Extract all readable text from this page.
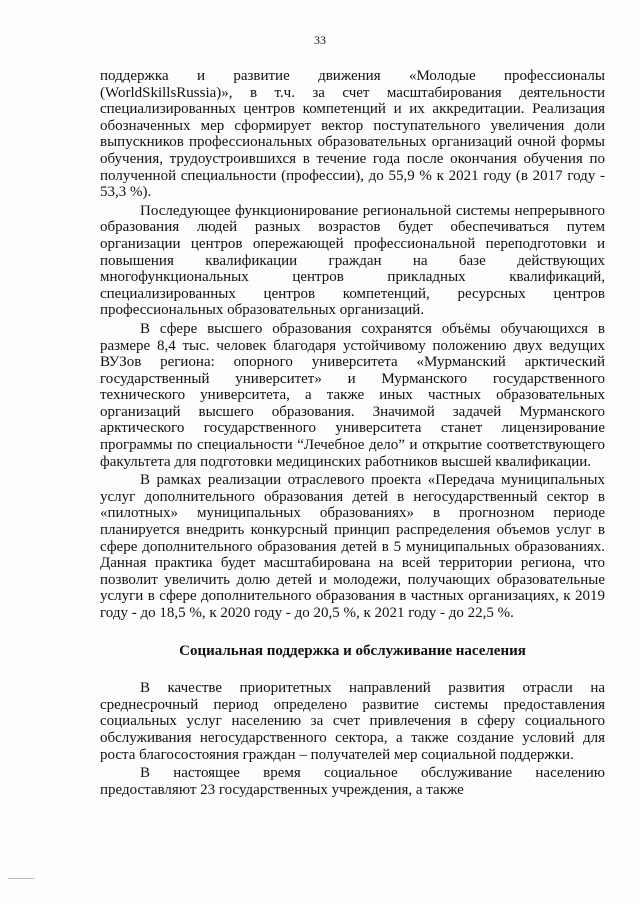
33

поддержка и развитие движения «Молодые профессионалы (WorldSkillsRussia)», в т.ч. за счет масштабирования деятельности специализированных центров компетенций и их аккредитации. Реализация обозначенных мер сформирует вектор поступательного увеличения доли выпускников профессиональных образовательных организаций очной формы обучения, трудоустроившихся в течение года после окончания обучения по полученной специальности (профессии), до 55,9 % к 2021 году (в 2017 году - 53,3 %).

Последующее функционирование региональной системы непрерывного образования людей разных возрастов будет обеспечиваться путем организации центров опережающей профессиональной переподготовки и повышения квалификации граждан на базе действующих многофункциональных центров прикладных квалификаций, специализированных центров компетенций, ресурсных центров профессиональных образовательных организаций.

В сфере высшего образования сохранятся объёмы обучающихся в размере 8,4 тыс. человек благодаря устойчивому положению двух ведущих ВУЗов региона: опорного университета «Мурманский арктический государственный университет» и Мурманского государственного технического университета, а также иных частных образовательных организаций высшего образования. Значимой задачей Мурманского арктического государственного университета станет лицензирование программы по специальности “Лечебное дело” и открытие соответствующего факультета для подготовки медицинских работников высшей квалификации.

В рамках реализации отраслевого проекта «Передача муниципальных услуг дополнительного образования детей в негосударственный сектор в «пилотных» муниципальных образованиях» в прогнозном периоде планируется внедрить конкурсный принцип распределения объемов услуг в сфере дополнительного образования детей в 5 муниципальных образованиях. Данная практика будет масштабирована на всей территории региона, что позволит увеличить долю детей и молодежи, получающих образовательные услуги в сфере дополнительного образования в частных организациях, к 2019 году - до 18,5 %, к 2020 году - до 20,5 %, к 2021 году - до 22,5 %.

Социальная поддержка и обслуживание населения

В качестве приоритетных направлений развития отрасли на среднесрочный период определено развитие системы предоставления социальных услуг населению за счет привлечения в сферу социального обслуживания негосударственного сектора, а также создание условий для роста благосостояния граждан – получателей мер социальной поддержки.

В настоящее время социальное обслуживание населению предоставляют 23 государственных учреждения, а также
